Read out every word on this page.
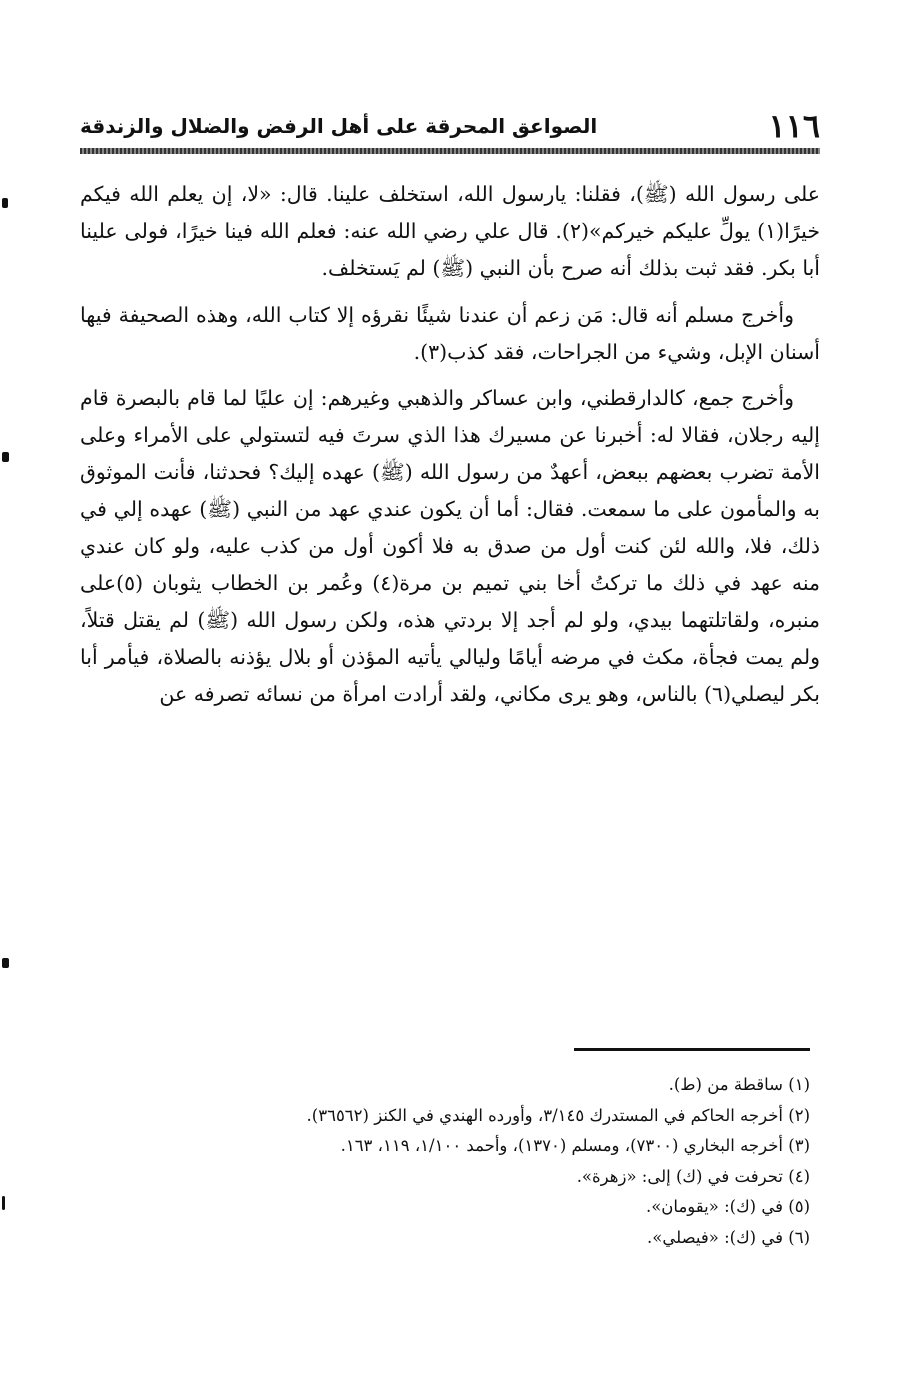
١١٦
الصواعق المحرقة على أهل الرفض والضلال والزندقة

على رسول الله (ﷺ)، فقلنا: يارسول الله، استخلف علينا. قال: «لا، إن يعلم الله فيكم خيرًا(١) يولِّ عليكم خيركم»(٢). قال علي رضي الله عنه: فعلم الله فينا خيرًا، فولى علينا أبا بكر. فقد ثبت بذلك أنه صرح بأن النبي (ﷺ) لم يَستخلف.

وأخرج مسلم أنه قال: مَن زعم أن عندنا شيئًا نقرؤه إلا كتاب الله، وهذه الصحيفة فيها أسنان الإبل، وشيء من الجراحات، فقد كذب(٣).

وأخرج جمع، كالدارقطني، وابن عساكر والذهبي وغيرهم: إن عليًا لما قام بالبصرة قام إليه رجلان، فقالا له: أخبرنا عن مسيرك هذا الذي سرتَ فيه لتستولي على الأمراء وعلى الأمة تضرب بعضهم ببعض، أعهدٌ من رسول الله (ﷺ) عهده إليك؟ فحدثنا، فأنت الموثوق به والمأمون على ما سمعت. فقال: أما أن يكون عندي عهد من النبي (ﷺ) عهده إلي في ذلك، فلا، والله لئن كنت أول من صدق به فلا أكون أول من كذب عليه، ولو كان عندي منه عهد في ذلك ما تركتُ أخا بني تميم بن مرة(٤) وعُمر بن الخطاب يثوبان (٥)على منبره، ولقاتلتهما بيدي، ولو لم أجد إلا بردتي هذه، ولكن رسول الله (ﷺ) لم يقتل قتلاً، ولم يمت فجأة، مكث في مرضه أيامًا وليالي يأتيه المؤذن أو بلال يؤذنه بالصلاة، فيأمر أبا بكر ليصلي(٦) بالناس، وهو يرى مكاني، ولقد أرادت امرأة من نسائه تصرفه عن

(١) ساقطة من (ط).

(٢) أخرجه الحاكم في المستدرك ٣/١٤٥، وأورده الهندي في الكنز (٣٦٥٦٢).

(٣) أخرجه البخاري (٧٣٠٠)، ومسلم (١٣٧٠)، وأحمد ١/١٠٠، ١١٩، ١٦٣.

(٤) تحرفت في (ك) إلى: «زهرة».

(٥) في (ك): «يقومان».

(٦) في (ك): «فيصلي».
